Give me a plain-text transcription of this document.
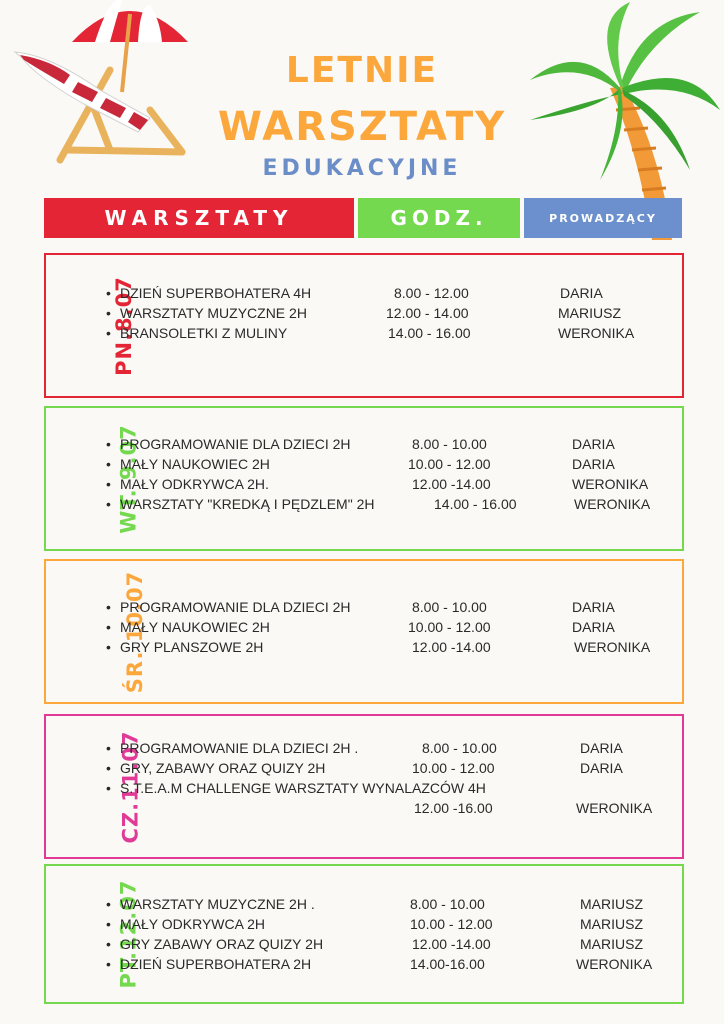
LETNIE
WARSZTATY
EDUKACYJNE
WARSZTATY	GODZ.	PROWADZĄCY
PN.8.07
• DZIEŃ SUPERBOHATERA 4H	8.00 - 12.00	DARIA
• WARSZTATY MUZYCZNE 2H	12.00 - 14.00	MARIUSZ
• BRANSOLETKI Z MULINY	14.00 - 16.00	WERONIKA
WT. 9.07
• PROGRAMOWANIE DLA DZIECI 2H	8.00 - 10.00	DARIA
• MAŁY NAUKOWIEC 2H	10.00 - 12.00	DARIA
• MAŁY ODKRYWCA 2H.	12.00 -14.00	WERONIKA
• WARSZTATY "KREDKĄ I PĘDZLEM" 2H	14.00 - 16.00	WERONIKA
ŚR. 10.07
• PROGRAMOWANIE DLA DZIECI 2H	8.00 - 10.00	DARIA
• MAŁY NAUKOWIEC 2H	10.00 - 12.00	DARIA
• GRY PLANSZOWE 2H	12.00 -14.00	WERONIKA
CZ.11.07
• PROGRAMOWANIE DLA DZIECI 2H .	8.00 - 10.00	DARIA
• GRY, ZABAWY ORAZ QUIZY 2H	10.00 - 12.00	DARIA
• S.T.E.A.M CHALLENGE WARSZTATY WYNALAZCÓW 4H
12.00 -16.00	WERONIKA
PT.12.07
• WARSZTATY MUZYCZNE 2H .	8.00 - 10.00	MARIUSZ
• MAŁY ODKRYWCA 2H	10.00 - 12.00	MARIUSZ
• GRY ZABAWY ORAZ QUIZY 2H	12.00 -14.00	MARIUSZ
• DZIEŃ SUPERBOHATERA 2H	14.00-16.00	WERONIKA
